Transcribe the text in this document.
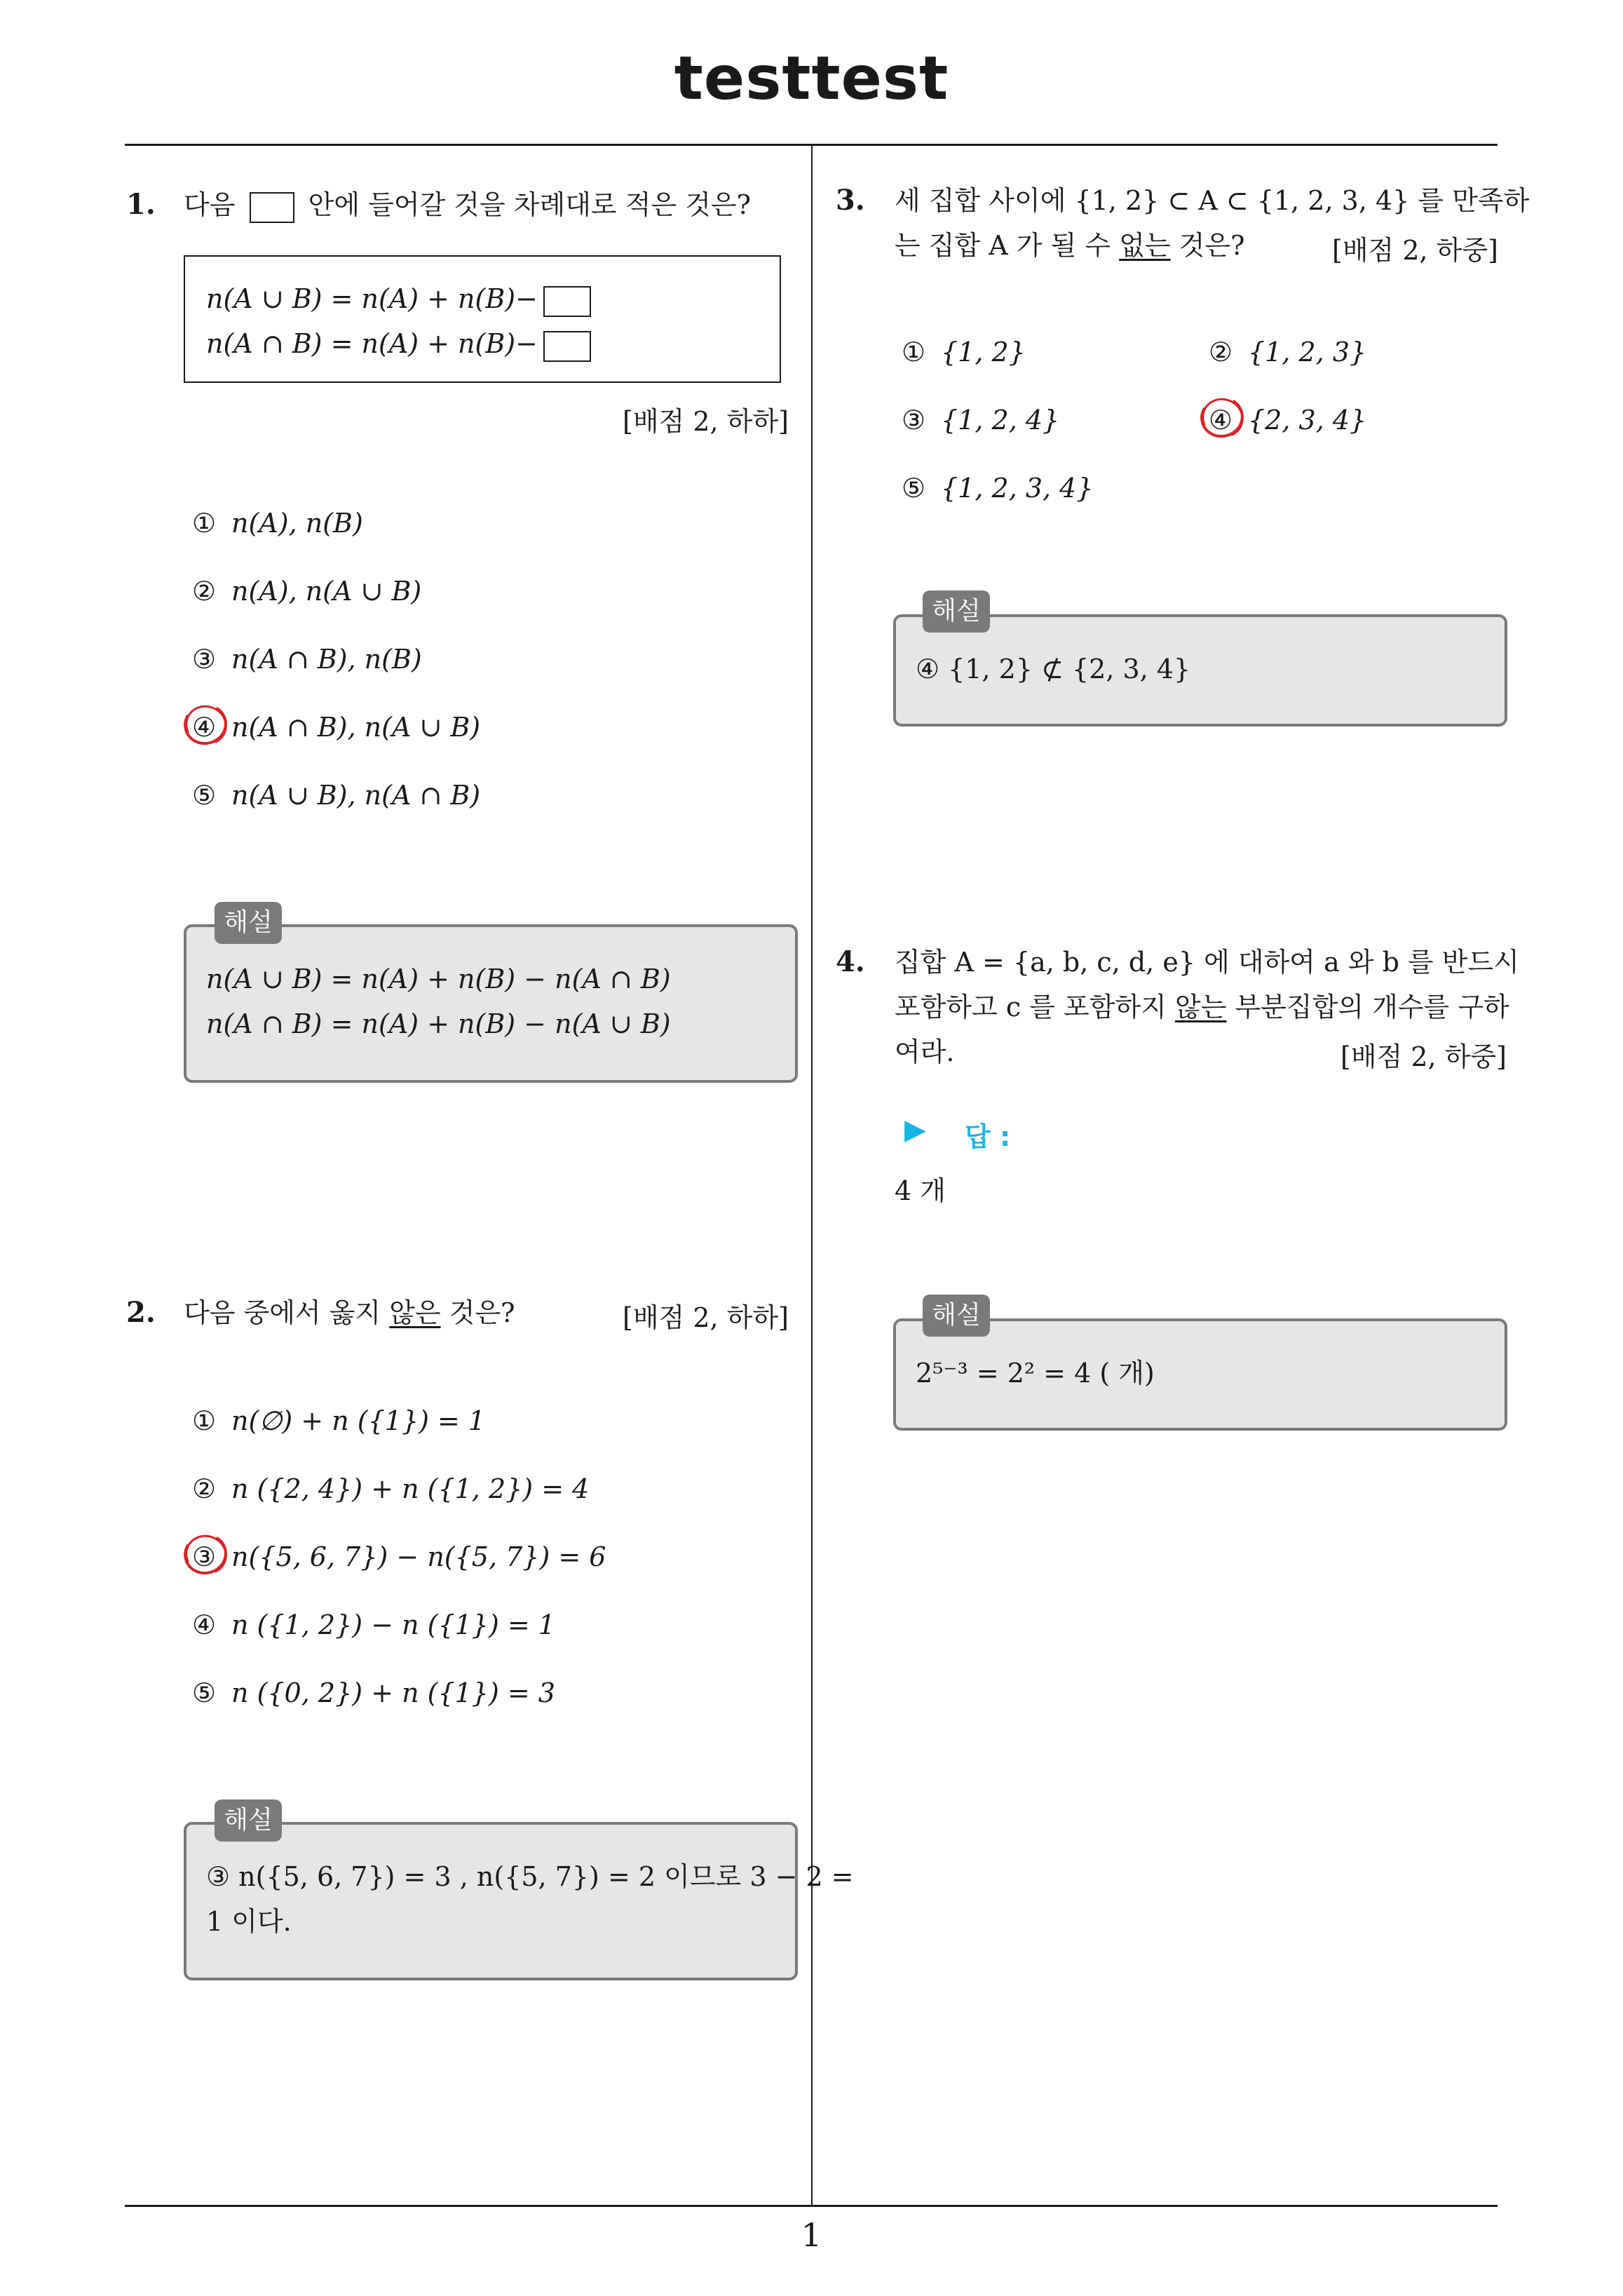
testtest
1
1. 다음	안에 들어갈 것을 차례대로 적은 것은?
n(A ∪ B) = n(A) + n(B)−
n(A ∩ B) = n(A) + n(B)−
[배점 2, 하하]
① n(A), n(B)
② n(A), n(A ∪ B)
③ n(A ∩ B), n(B)
④ n(A ∩ B), n(A ∪ B)
⑤ n(A ∪ B), n(A ∩ B)
n(A ∪ B) = n(A) + n(B) − n(A ∩ B)
n(A ∩ B) = n(A) + n(B) − n(A ∪ B)
해설
2. 다음 중에서 옳지 않은 것은?	[배점 2, 하하]
① n(∅) + n ({1}) = 1
② n ({2, 4}) + n ({1, 2}) = 4
③ n({5, 6, 7}) − n({5, 7}) = 6
④ n ({1, 2}) − n ({1}) = 1
⑤ n ({0, 2}) + n ({1}) = 3
③ n({5, 6, 7}) = 3 , n({5, 7}) = 2 이므로 3 − 2 =
1 이다.
해설
3. 세 집합 사이에 {1, 2} ⊂ A ⊂ {1, 2, 3, 4} 를 만족하
는 집합 A 가 될 수 없는 것은?	[배점 2, 하중]
① {1, 2}	② {1, 2, 3}
③ {1, 2, 4}	④ {2, 3, 4}
⑤ {1, 2, 3, 4}
④ {1, 2} ⊄ {2, 3, 4}
해설
4. 집합 A = {a, b, c, d, e} 에 대하여 a 와 b 를 반드시
포함하고 c 를 포함하지 않는 부분집합의 개수를 구하
여라.	[배점 2, 하중]
▶ 답 :
4 개
2⁵⁻³ = 2² = 4 ( 개)
해설
